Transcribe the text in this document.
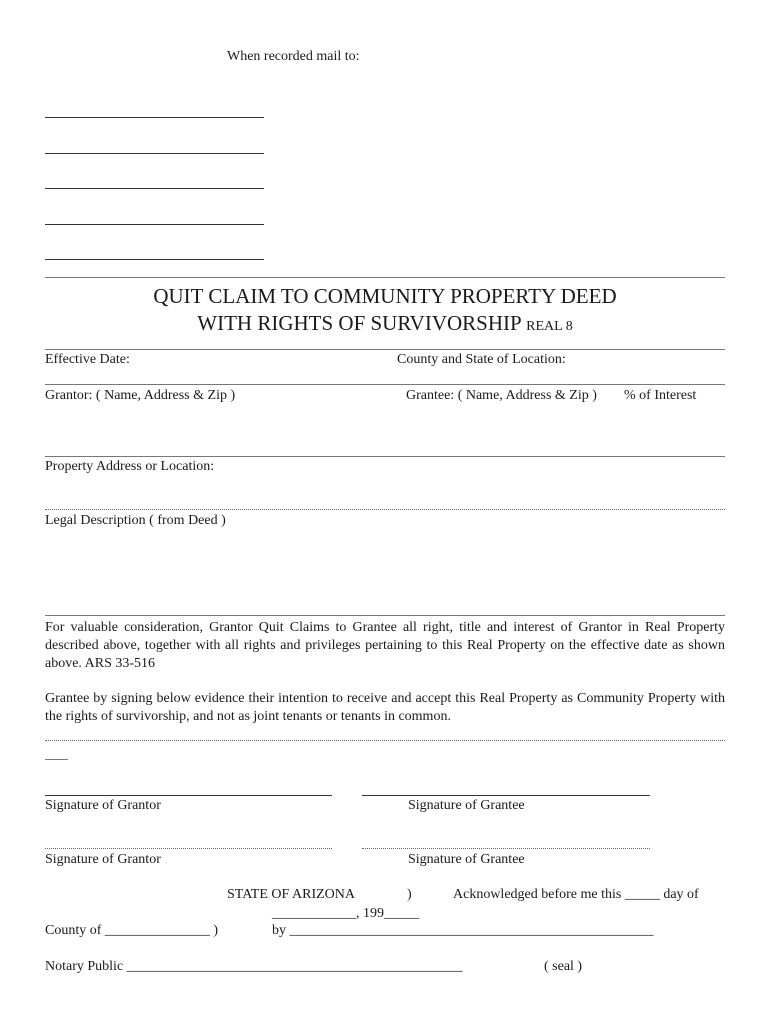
When recorded mail to:
QUIT CLAIM TO COMMUNITY PROPERTY DEED
WITH RIGHTS OF SURVIVORSHIP REAL 8
Effective Date:	County and State of Location:
Grantor: ( Name, Address & Zip )	Grantee: ( Name, Address & Zip ) % of Interest
Property Address or Location:
Legal Description ( from Deed )
For valuable consideration, Grantor Quit Claims to Grantee all right, title and interest of Grantor in Real Property described above, together with all rights and privileges pertaining to this Real Property on the effective date as shown above. ARS 33-516
Grantee by signing below evidence their intention to receive and accept this Real Property as Community Property with the rights of survivorship, and not as joint tenants or tenants in common.
Signature of Grantor	Signature of Grantee
Signature of Grantor	Signature of Grantee
STATE OF ARIZONA	)	Acknowledged before me this _____ day of
____________, 199_____
County of _______________ )	by ____________________________________________________
Notary Public ________________________________________________	( seal )
